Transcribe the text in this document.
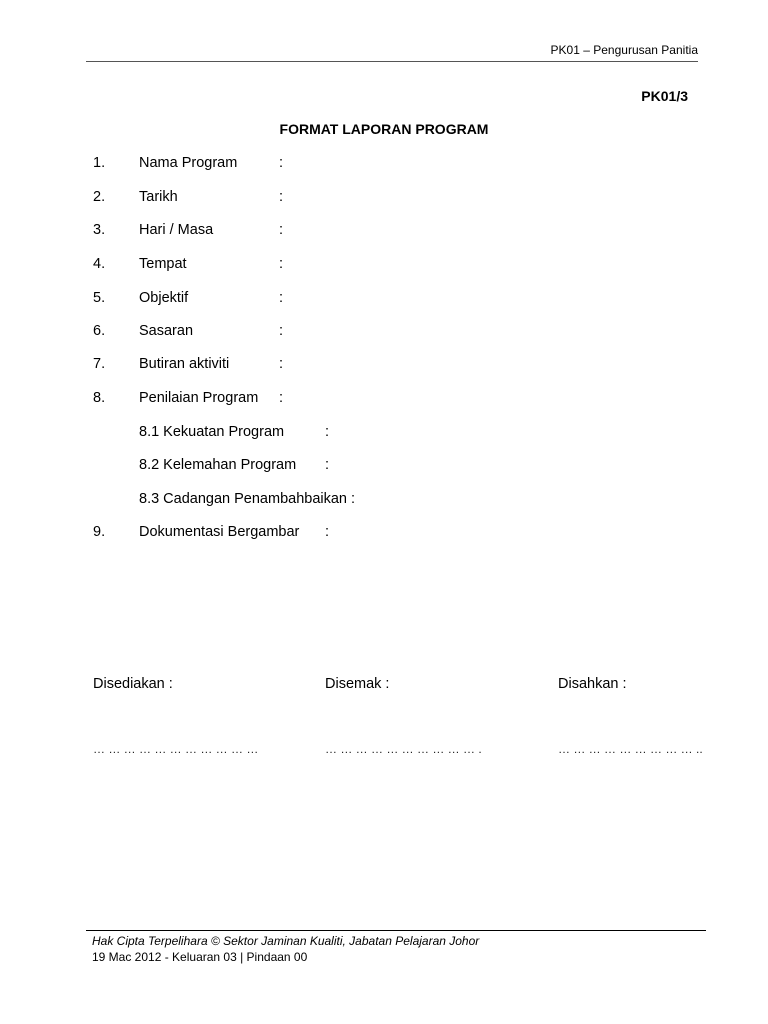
PK01 – Pengurusan Panitia
PK01/3
FORMAT LAPORAN PROGRAM
1. Nama Program	:
2. Tarikh	:
3. Hari / Masa	:
4. Tempat	:
5. Objektif	:
6. Sasaran	:
7. Butiran aktiviti	:
8. Penilaian Program :
8.1 Kekuatan Program	:
8.2 Kelemahan Program :
8.3 Cadangan Penambahbaikan :
9. Dokumentasi Bergambar :
Disediakan :	Disemak :	Disahkan :
… … … … … … … … … … …	… … … … … … … … … … .	… … … … … … … … … ..
Hak Cipta Terpelihara © Sektor Jaminan Kualiti, Jabatan Pelajaran Johor
19 Mac 2012 - Keluaran 03 | Pindaan 00
